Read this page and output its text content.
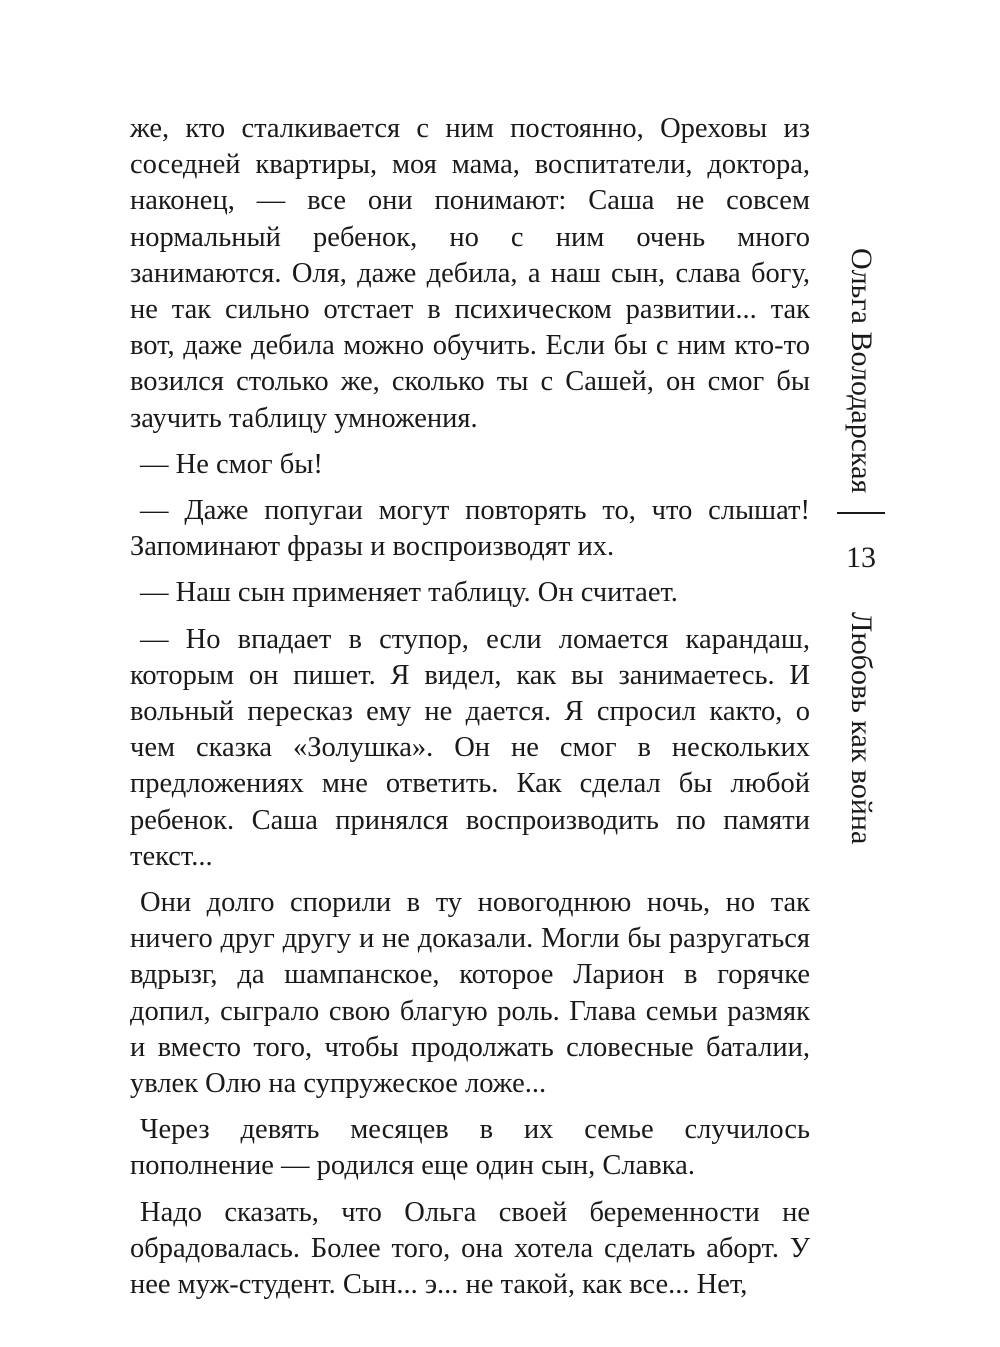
же, кто сталкивается с ним постоянно, Ореховы из соседней квартиры, моя мама, воспитатели, доктора, наконец, — все они понимают: Саша не совсем нормальный ребенок, но с ним очень много занимаются. Оля, даже дебила, а наш сын, слава богу, не так сильно отстает в психическом развитии... так вот, даже дебила можно обучить. Если бы с ним кто-то возился столько же, сколько ты с Сашей, он смог бы заучить таблицу умножения.

— Не смог бы!

— Даже попугаи могут повторять то, что слышат! Запоминают фразы и воспроизводят их.

— Наш сын применяет таблицу. Он считает.

— Но впадает в ступор, если ломается карандаш, которым он пишет. Я видел, как вы занимаетесь. И вольный пересказ ему не дается. Я спросил както, о чем сказка «Золушка». Он не смог в нескольких предложениях мне ответить. Как сделал бы любой ребенок. Саша принялся воспроизводить по памяти текст...

Они долго спорили в ту новогоднюю ночь, но так ничего друг другу и не доказали. Могли бы разругаться вдрызг, да шампанское, которое Ларион в горячке допил, сыграло свою благую роль. Глава семьи размяк и вместо того, чтобы продолжать словесные баталии, увлек Олю на супружеское ложе...

Через девять месяцев в их семье случилось пополнение — родился еще один сын, Славка.

Надо сказать, что Ольга своей беременности не обрадовалась. Более того, она хотела сделать аборт. У нее муж-студент. Сын... э... не такой, как все... Нет,

Ольга Володарская
13
Любовь как война
